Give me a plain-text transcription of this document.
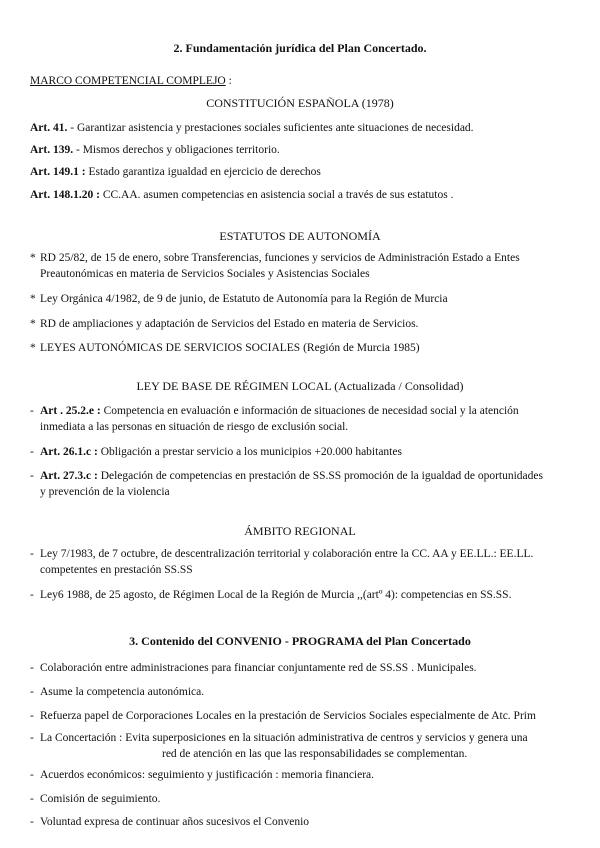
2. Fundamentación jurídica del Plan Concertado.
MARCO COMPETENCIAL COMPLEJO :
CONSTITUCIÓN ESPAÑOLA (1978)
Art. 41. - Garantizar asistencia y prestaciones sociales suficientes ante situaciones de necesidad.
Art. 139. - Mismos derechos y obligaciones territorio.
Art. 149.1 : Estado garantiza igualdad en ejercicio de derechos
Art. 148.1.20 : CC.AA. asumen competencias en asistencia social a través de sus estatutos .
ESTATUTOS DE AUTONOMÍA
* RD 25/82, de 15 de enero, sobre Transferencias, funciones y servicios de Administración Estado a Entes
Preautonómicas en materia de Servicios Sociales y Asistencias Sociales
* Ley Orgánica 4/1982, de 9 de junio, de Estatuto de Autonomía para la Región de Murcia
* RD de ampliaciones y adaptación de Servicios del Estado en materia de Servicios.
* LEYES AUTONÓMICAS DE SERVICIOS SOCIALES (Región de Murcia 1985)
LEY DE BASE DE RÉGIMEN LOCAL (Actualizada / Consolidad)
- Art . 25.2.e : Competencia en evaluación e información de situaciones de necesidad social y la atención
inmediata a las personas en situación de riesgo de exclusión social.
- Art. 26.1.c : Obligación a prestar servicio a los municipios +20.000 habitantes
- Art. 27.3.c : Delegación de competencias en prestación de SS.SS promoción de la igualdad de oportunidades
y prevención de la violencia
ÁMBITO REGIONAL
- Ley 7/1983, de 7 octubre, de descentralización territorial y colaboración entre la CC. AA y EE.LL.: EE.LL.
competentes en prestación SS.SS
- Ley6 1988, de 25 agosto, de Régimen Local de la Región de Murcia ,,(artº 4): competencias en SS.SS.
3. Contenido del CONVENIO - PROGRAMA del Plan Concertado
- Colaboración entre administraciones para financiar conjuntamente red de SS.SS . Municipales.
- Asume la competencia autonómica.
- Refuerza papel de Corporaciones Locales en la prestación de Servicios Sociales especialmente de Atc. Prim
- La Concertación : Evita superposiciones en la situación administrativa de centros y servicios y genera una
red de atención en las que las responsabilidades se complementan.
- Acuerdos económicos: seguimiento y justificación : memoria financiera.
- Comisión de seguimiento.
- Voluntad expresa de continuar años sucesivos el Convenio
